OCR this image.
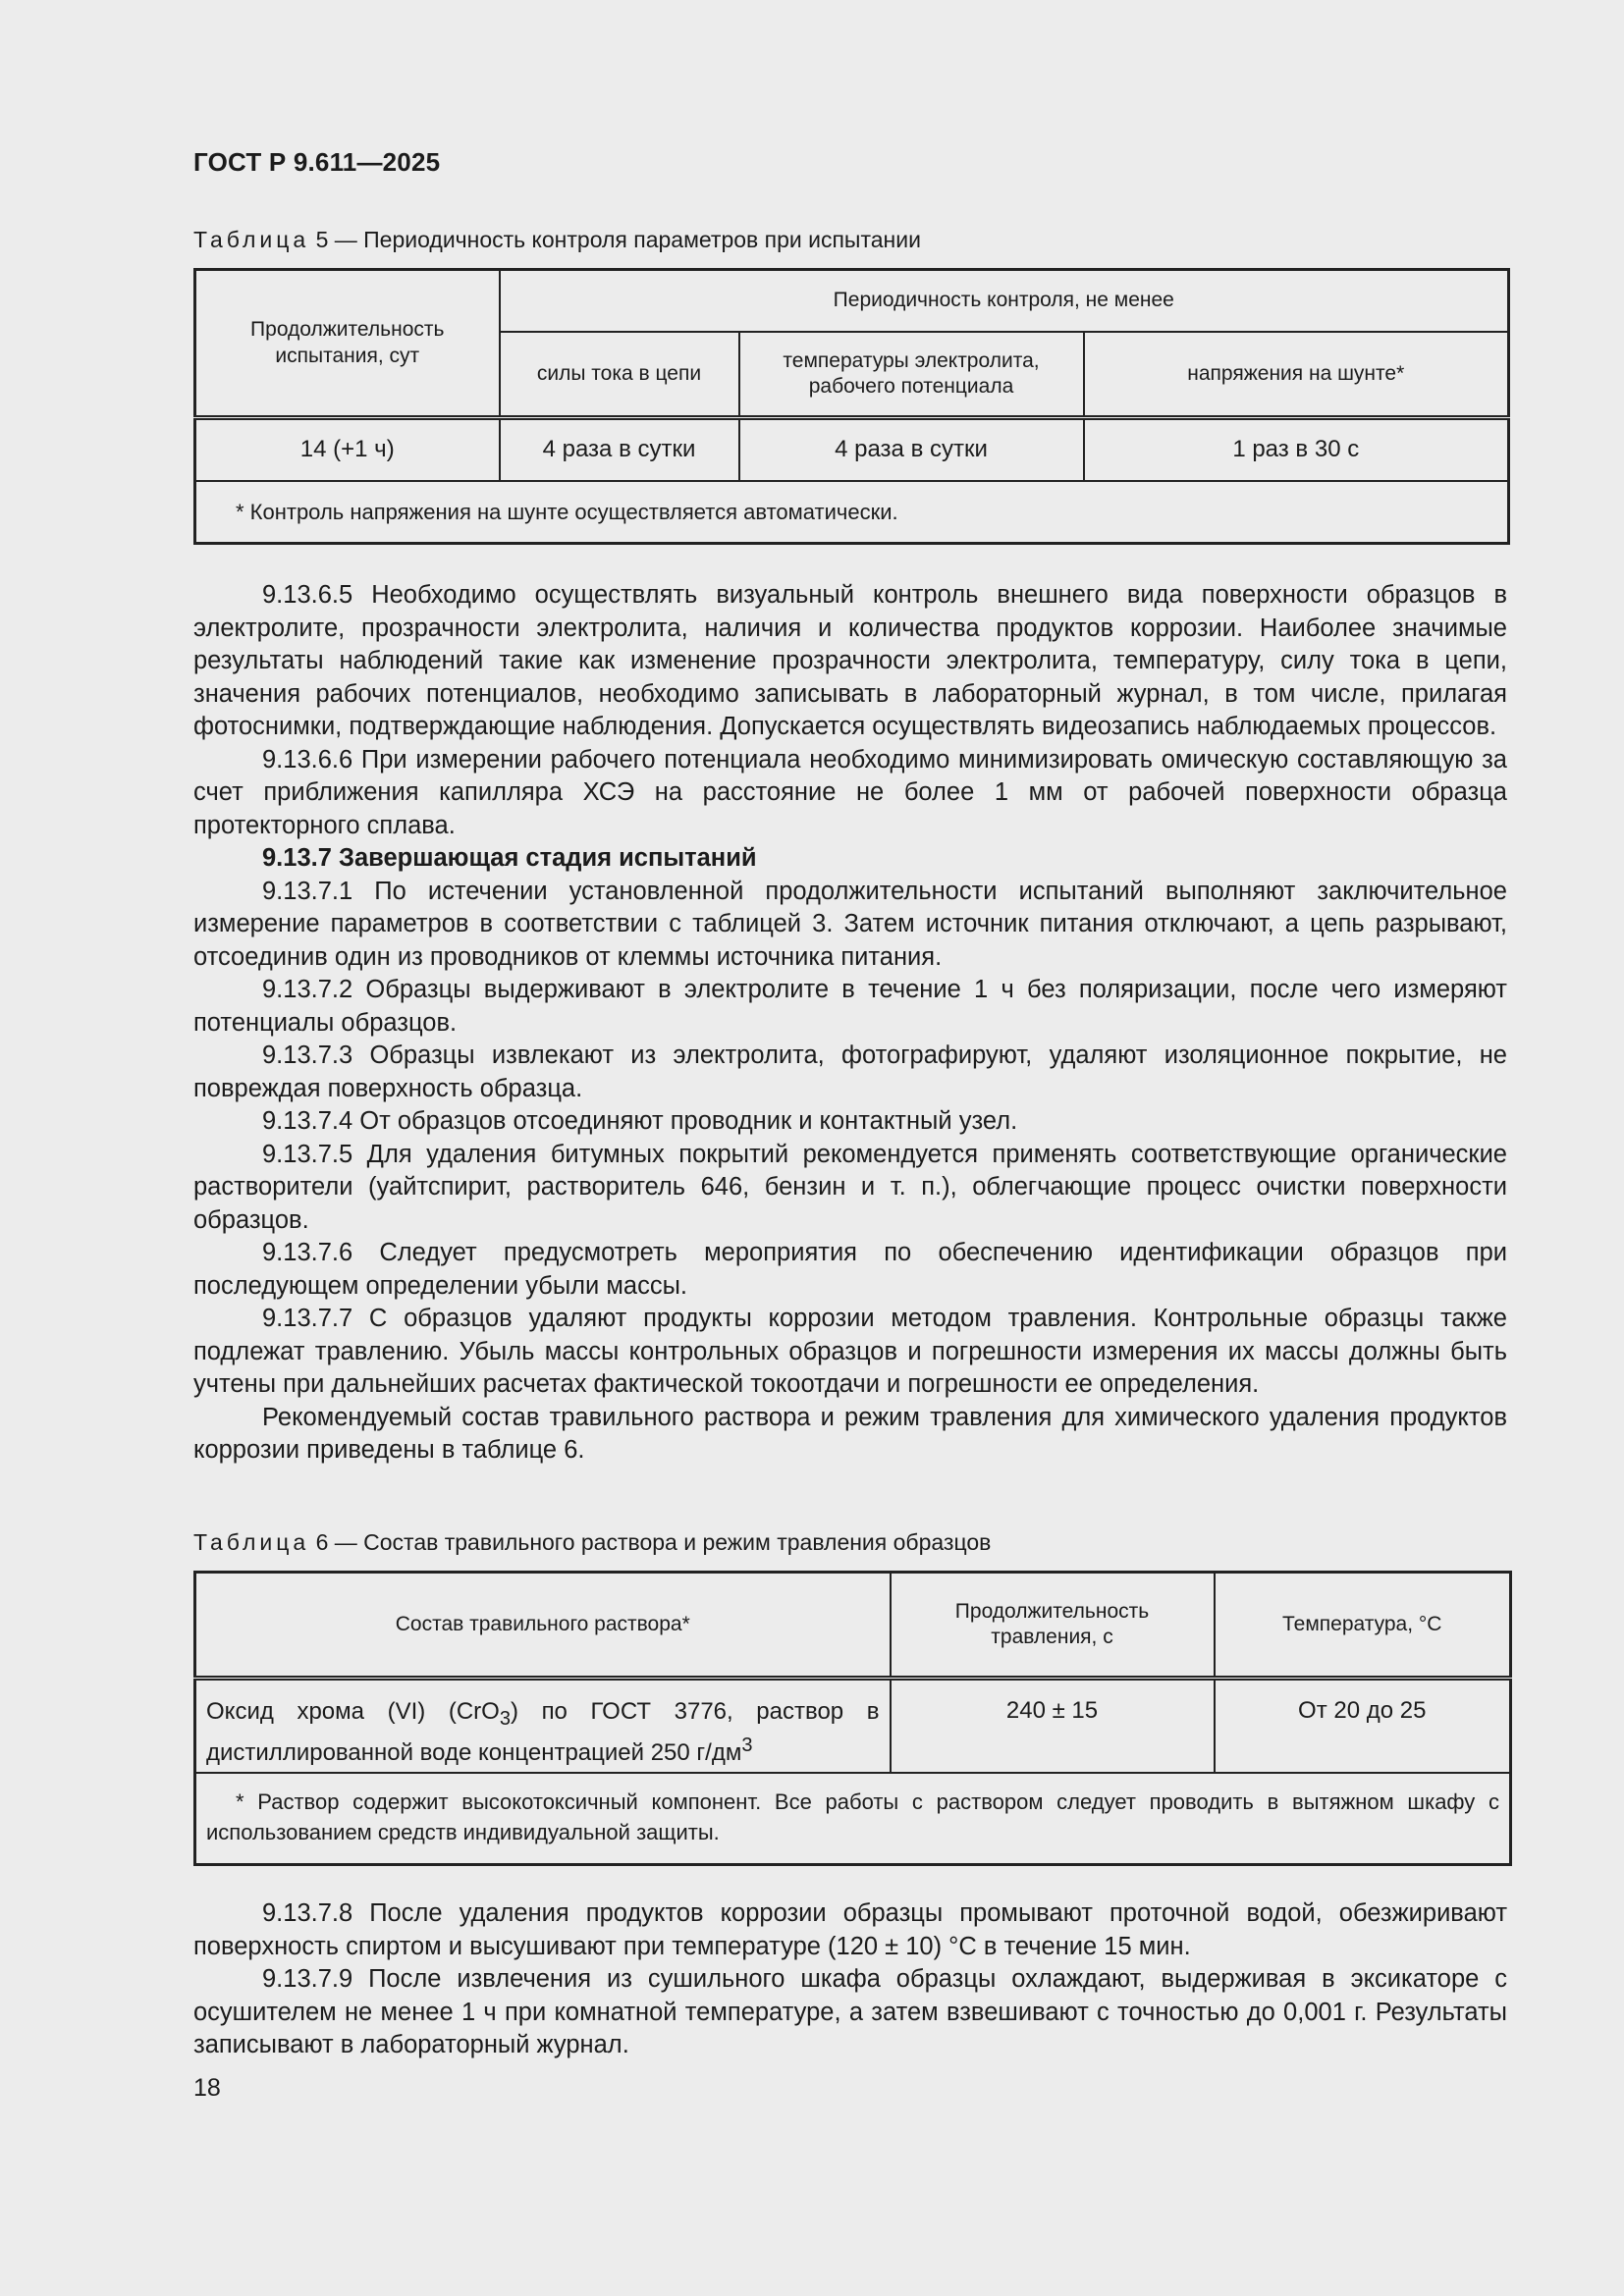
ГОСТ Р 9.611—2025
Таблица 5 — Периодичность контроля параметров при испытании
Продолжительность испытания, сут	Периодичность контроля, не менее		
	силы тока в цепи	температуры электролита, рабочего потенциала	напряжения на шунте*
14 (+1 ч)	4 раза в сутки	4 раза в сутки	1 раз в 30 с
* Контроль напряжения на шунте осуществляется автоматически.			

9.13.6.5 Необходимо осуществлять визуальный контроль внешнего вида поверхности образцов в электролите, прозрачности электролита, наличия и количества продуктов коррозии. Наиболее значимые результаты наблюдений такие как изменение прозрачности электролита, температуру, силу тока в цепи, значения рабочих потенциалов, необходимо записывать в лабораторный журнал, в том числе, прилагая фотоснимки, подтверждающие наблюдения. Допускается осуществлять видеозапись наблюдаемых процессов.

9.13.6.6 При измерении рабочего потенциала необходимо минимизировать омическую составляющую за счет приближения капилляра ХСЭ на расстояние не более 1 мм от рабочей поверхности образца протекторного сплава.

9.13.7 Завершающая стадия испытаний

9.13.7.1 По истечении установленной продолжительности испытаний выполняют заключительное измерение параметров в соответствии с таблицей 3. Затем источник питания отключают, а цепь разрывают, отсоединив один из проводников от клеммы источника питания.

9.13.7.2 Образцы выдерживают в электролите в течение 1 ч без поляризации, после чего измеряют потенциалы образцов.

9.13.7.3 Образцы извлекают из электролита, фотографируют, удаляют изоляционное покрытие, не повреждая поверхность образца.

9.13.7.4 От образцов отсоединяют проводник и контактный узел.

9.13.7.5 Для удаления битумных покрытий рекомендуется применять соответствующие органические растворители (уайтспирит, растворитель 646, бензин и т. п.), облегчающие процесс очистки поверхности образцов.

9.13.7.6 Следует предусмотреть мероприятия по обеспечению идентификации образцов при последующем определении убыли массы.

9.13.7.7 С образцов удаляют продукты коррозии методом травления. Контрольные образцы также подлежат травлению. Убыль массы контрольных образцов и погрешности измерения их массы должны быть учтены при дальнейших расчетах фактической токоотдачи и погрешности ее определения.

Рекомендуемый состав травильного раствора и режим травления для химического удаления продуктов коррозии приведены в таблице 6.

Таблица 6 — Состав травильного раствора и режим травления образцов
Состав травильного раствора*	Продолжительность травления, с	Температура, °C
Оксид хрома (VI) (CrO$_3$) по ГОСТ 3776, раствор в дистиллированной воде концентрацией 250 $г/дм^3$	240 ± 15	От 20 до 25
* Раствор содержит высокотоксичный компонент. Все работы с раствором следует проводить в вытяжном шкафу с использованием средств индивидуальной защиты.		

9.13.7.8 После удаления продуктов коррозии образцы промывают проточной водой, обезжиривают поверхность спиртом и высушивают при температуре (120 ± 10) °С в течение 15 мин.

9.13.7.9 После извлечения из сушильного шкафа образцы охлаждают, выдерживая в эксикаторе с осушителем не менее 1 ч при комнатной температуре, а затем взвешивают с точностью до 0,001 г. Результаты записывают в лабораторный журнал.

18
